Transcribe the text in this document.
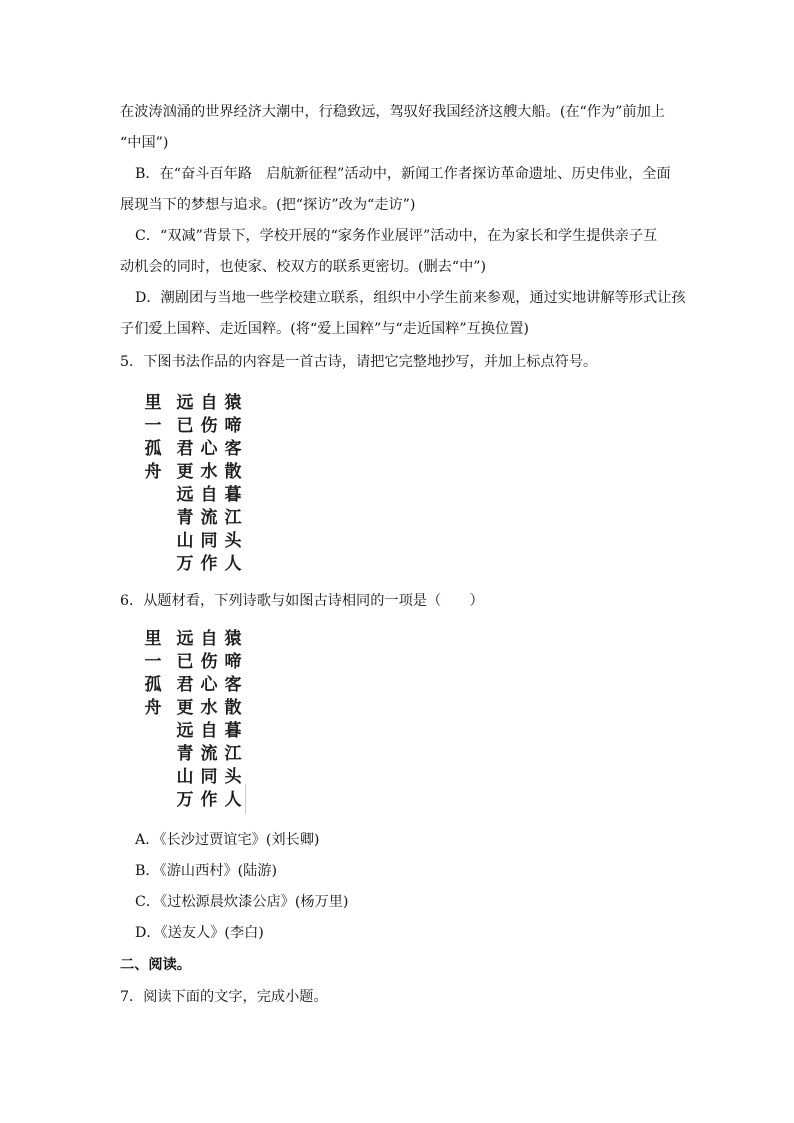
在波涛汹涌的世界经济大潮中，行稳致远，驾驭好我国经济这艘大船。(在“作为”前加上
“中国”)
B．在“奋斗百年路　启航新征程”活动中，新闻工作者探访革命遗址、历史伟业，全面
展现当下的梦想与追求。(把“探访”改为“走访”)
C．“双减”背景下，学校开展的“家务作业展评”活动中，在为家长和学生提供亲子互
动机会的同时，也使家、校双方的联系更密切。(删去“中”)
D．潮剧团与当地一些学校建立联系，组织中小学生前来参观，通过实地讲解等形式让孩
子们爱上国粹、走近国粹。(将“爱上国粹”与“走近国粹”互换位置)
5．下图书法作品的内容是一首古诗，请把它完整地抄写，并加上标点符号。
猿
啼
客
散
暮
江
头
人
自
伤
心
水
自
流
同
作
远
已
君
更
远
青
山
万
里
一
孤
舟
6．从题材看，下列诗歌与如图古诗相同的一项是（　　）
猿
啼
客
散
暮
江
头
人
自
伤
心
水
自
流
同
作
远
已
君
更
远
青
山
万
里
一
孤
舟
A．《长沙过贾谊宅》(刘长卿)
B．《游山西村》(陆游)
C．《过松源晨炊漆公店》(杨万里)
D．《送友人》(李白)
二、阅读。
7．阅读下面的文字，完成小题。
